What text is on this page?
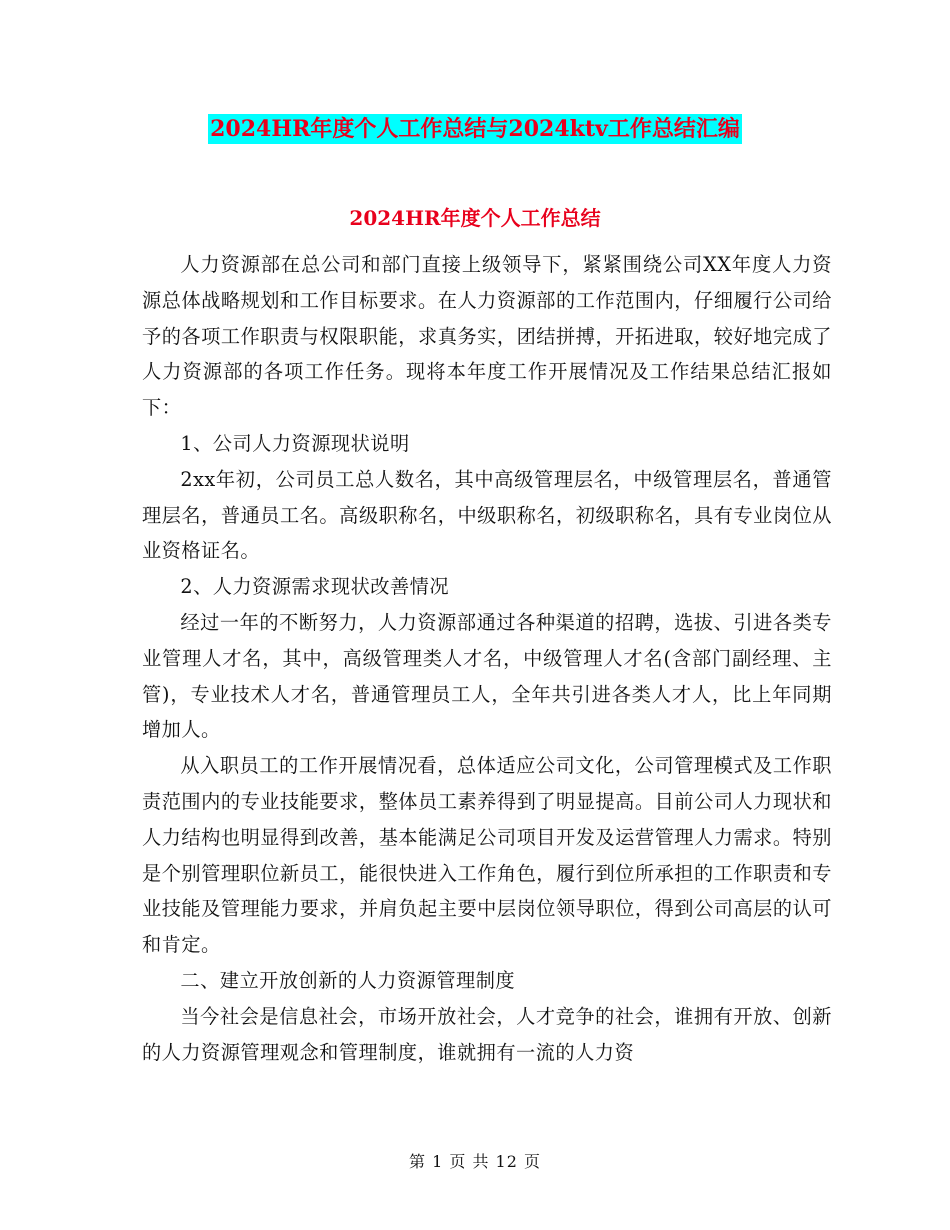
2024HR年度个人工作总结与2024ktv工作总结汇编
2024HR年度个人工作总结

人力资源部在总公司和部门直接上级领导下，紧紧围绕公司XX年度人力资源总体战略规划和工作目标要求。在人力资源部的工作范围内，仔细履行公司给予的各项工作职责与权限职能，求真务实，团结拼搏，开拓进取，较好地完成了人力资源部的各项工作任务。现将本年度工作开展情况及工作结果总结汇报如下：

1、公司人力资源现状说明

2xx年初，公司员工总人数名，其中高级管理层名，中级管理层名，普通管理层名，普通员工名。高级职称名，中级职称名，初级职称名，具有专业岗位从业资格证名。

2、人力资源需求现状改善情况

经过一年的不断努力，人力资源部通过各种渠道的招聘，选拔、引进各类专业管理人才名，其中，高级管理类人才名，中级管理人才名(含部门副经理、主管)，专业技术人才名，普通管理员工人，全年共引进各类人才人，比上年同期增加人。

从入职员工的工作开展情况看，总体适应公司文化，公司管理模式及工作职责范围内的专业技能要求，整体员工素养得到了明显提高。目前公司人力现状和人力结构也明显得到改善，基本能满足公司项目开发及运营管理人力需求。特别是个别管理职位新员工，能很快进入工作角色，履行到位所承担的工作职责和专业技能及管理能力要求，并肩负起主要中层岗位领导职位，得到公司高层的认可和肯定。

二、建立开放创新的人力资源管理制度

当今社会是信息社会，市场开放社会，人才竞争的社会，谁拥有开放、创新的人力资源管理观念和管理制度，谁就拥有一流的人力资

第 1 页 共 12 页
